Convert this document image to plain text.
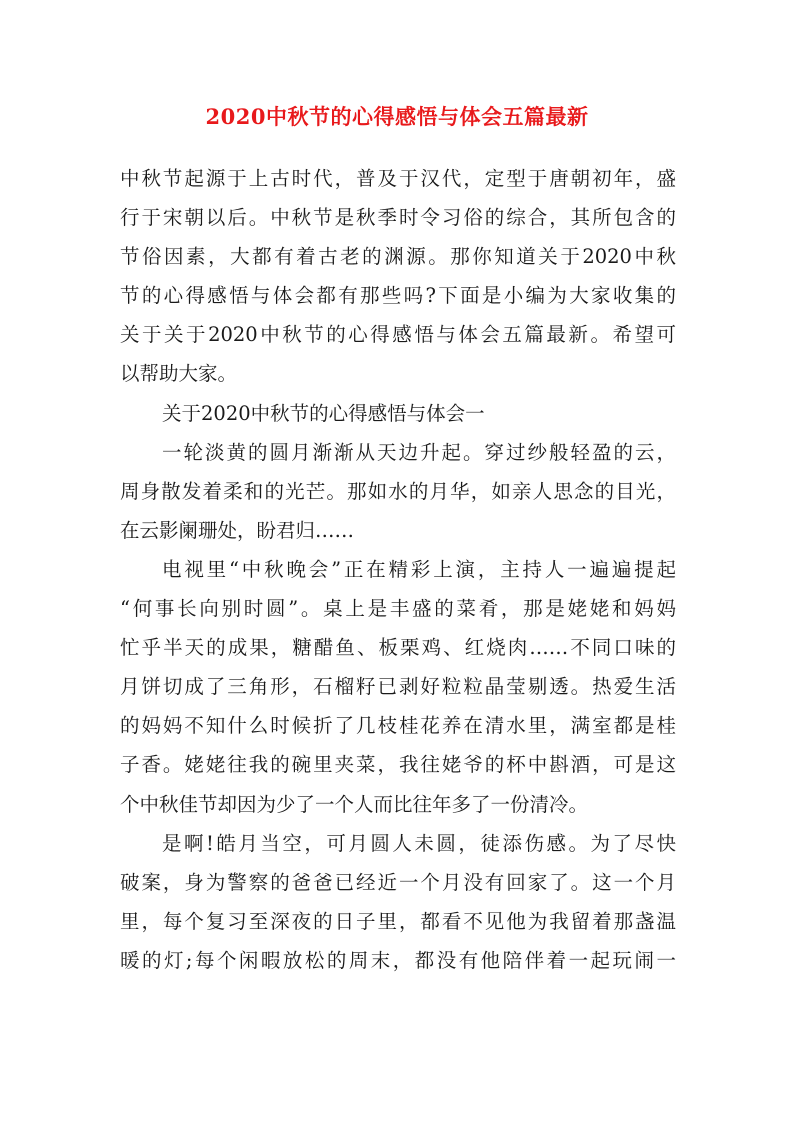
2020中秋节的心得感悟与体会五篇最新
中秋节起源于上古时代，普及于汉代，定型于唐朝初年，盛
行于宋朝以后。中秋节是秋季时令习俗的综合，其所包含的
节俗因素，大都有着古老的渊源。那你知道关于2020中秋
节的心得感悟与体会都有那些吗?下面是小编为大家收集的
关于关于2020中秋节的心得感悟与体会五篇最新。希望可
以帮助大家。
关于2020中秋节的心得感悟与体会一
一轮淡黄的圆月渐渐从天边升起。穿过纱般轻盈的云，
周身散发着柔和的光芒。那如水的月华，如亲人思念的目光，
在云影阑珊处，盼君归……
电视里“中秋晚会”正在精彩上演，主持人一遍遍提起
“何事长向别时圆”。桌上是丰盛的菜肴，那是姥姥和妈妈
忙乎半天的成果，糖醋鱼、板栗鸡、红烧肉……不同口味的
月饼切成了三角形，石榴籽已剥好粒粒晶莹剔透。热爱生活
的妈妈不知什么时候折了几枝桂花养在清水里，满室都是桂
子香。姥姥往我的碗里夹菜，我往姥爷的杯中斟酒，可是这
个中秋佳节却因为少了一个人而比往年多了一份清冷。
是啊!皓月当空，可月圆人未圆，徒添伤感。为了尽快
破案，身为警察的爸爸已经近一个月没有回家了。这一个月
里，每个复习至深夜的日子里，都看不见他为我留着那盏温
暖的灯;每个闲暇放松的周末，都没有他陪伴着一起玩闹一
